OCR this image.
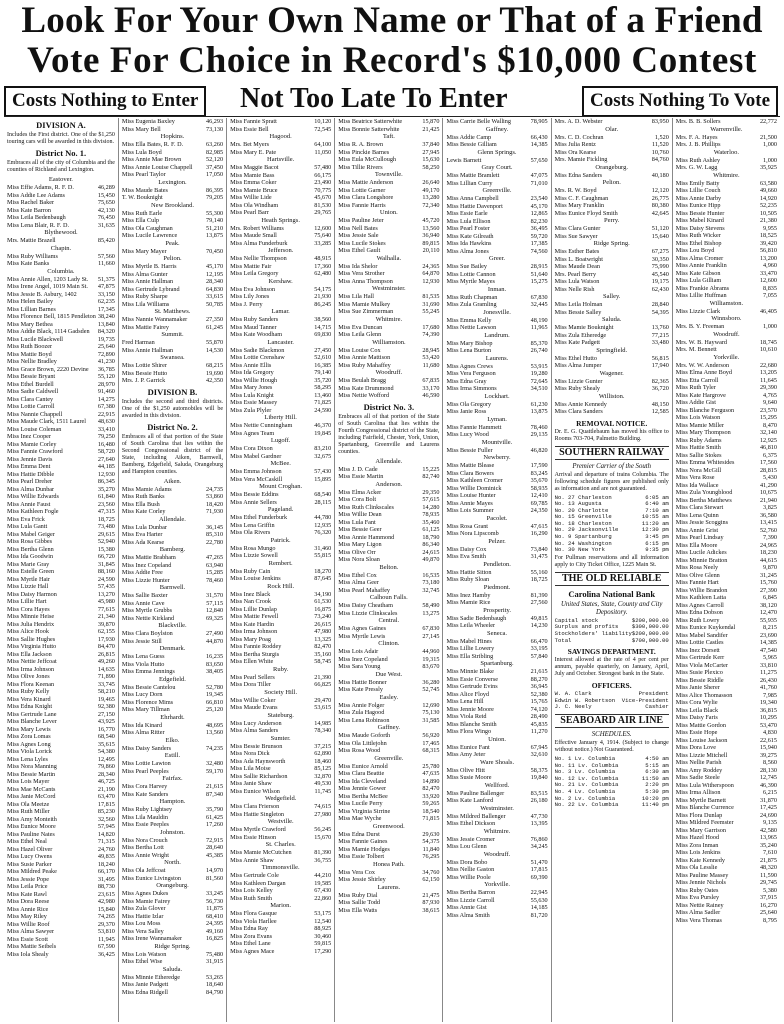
Look For Your Own Name or That of a Friend
Vote For Choice in Record's $10,000 Contest
Costs Nothing to Enter Not Too Late To Enter	Costs Nothing To Vote
DIVISION A.
Includes the First district. One of the $1,250 touring cars will be awarded in this division.
District No. 1.
Embraces all of the city of Columbia and the counties of Richland and Lexington.
Eastover.
Miss Effie Adams, R. F. D.	46,289
Miss Addie Lee Adams	15,450
Miss Rachel Baker	75,650
Miss Kate Barron	42,130
Miss Leila Bedenbaugh	76,450
Miss Lena Blair, R. F. D.	31,635
Blythewood.
Mrs. Mattie Brazell	85,420
Chapin.
Miss Ruby Williams	57,560
Miss Kate Banks	11,660
Columbia.
Miss Annie Allen, 1203 Lady St.	51,375
Miss Irene Angel, 1019 Main St.	47,875
Miss Jessie B. Asbury, 1402	33,150
Miss Helen Bailey	62,235
Miss Lillian Barnes	17,345
Miss Florence Bell, 1815 Pendleton 38,240
Miss Mary Bethea	13,840
Miss Addie Black, 1114 Gadsden	84,320
Miss Lucile Blackwell	19,735
Miss Ruth Boozer	25,640
Miss Mattie Boyd	72,890
Miss Nellie Bradley	41,230
Miss Grace Brown, 2220 Devine	36,785
Miss Bessie Bryant	55,120
Miss Ethel Burdell	28,970
Miss Sadie Caldwell	91,460
Miss Clara Cantey	14,275
Miss Lottie Carroll	67,380
Miss Nannie Chappell	22,915
Miss Maude Clark, 1511 Laurel	48,630
Miss Louise Coleman	33,410
Miss Inez Cooper	79,250
Miss Mamie Corley	16,480
Miss Fannie Crawford	58,720
Miss Jennie Davis	27,640
Miss Emma Dent	44,185
Miss Hattie Dibble	12,930
Miss Pearl Dreher	86,345
Miss Alma Dunbar	35,270
Miss Willie Edwards	61,840
Miss Annie Faust	23,560
Miss Kathleen Fogle	47,315
Miss Eva Frick	18,725
Miss Lula Gantt	73,480
Miss Mabel Geiger	29,615
Miss Rosa Gibbes	52,940
Miss Bertha Glenn	15,380
Miss Ida Goodwin	66,720
Miss Marie Gray	31,845
Miss Estelle Green	88,160
Miss Myrtle Hair	24,590
Miss Lizzie Hall	57,435
Miss Daisy Harmon	13,270
Miss Lillie Hart	45,980
Miss Cora Hayes	77,615
Miss Minnie Heise	21,340
Miss Julia Hendrix	39,870
Miss Alice Hook	62,155
Miss Sallie Hughes	17,930
Miss Virginia Hutto	84,470
Miss Ella Jackson	26,815
Miss Nettie Jeffcoat	49,260
Miss Irma Johnson	14,635
Miss Olive Jones	71,890
Miss Flora Keenan	33,745
Miss Ruby Kelly	58,210
Miss Vera Kinard	19,465
Miss Edna Knight	92,380
Miss Gertrude Lane	27,150
Miss Blanche Lever	43,925
Miss Mary Lewis	16,770
Miss Zora Lomas	68,540
Miss Agnes Long	35,615
Miss Viola Lorick	54,380
Miss Lena Lyles	12,495
Miss Nora Manning	79,860
Miss Bessie Martin	28,340
Miss Lois Mayer	46,725
Miss Mae McCants	21,190
Miss Janie McCord	63,470
Miss Ola Meetze	17,815
Miss Ruth Miller	85,230
Miss Amy Monteith	32,560
Miss Eunice Moore	57,945
Miss Pauline Nates	14,820
Miss Ethel Neal	71,315
Miss Hazel Oliver	24,760
Miss Lucy Owens	49,835
Miss Susie Parker	18,240
Miss Mildred Peake	66,170
Miss Jessie Pope	31,495
Miss Leila Price	88,730
Miss Kate Rawl	23,615
Miss Dora Reese	42,980
Miss Annie Rice	15,840
Miss May Riley	74,265
Miss Willie Roof	29,370
Miss Alma Sawyer	53,810
Miss Essie Scott	11,945
Miss Mattie Seibels	67,590
Miss Iola Shealy	36,425
Miss Eugenia Baxley	46,293
Miss Mary Bell	73,130
Hopkins.
Miss Ella Bates, R. F. D.	63,260
Miss Lula Boyd	82,985
Miss Annie Mae Brown	52,120
Miss Annie Louise Chappell	37,450
Miss Pearl Taylor	17,050
Lexington.
Miss Maude Bates	86,395
T. W. Bouknight	79,205
New Brookland.
Miss Ruth Earle	55,300
Miss Ella Culp	79,140
Miss Ola Caughman	51,210
Miss Lucile Lawrence	13,875
Peak.
Miss Mary Mayer	70,450
Pelion.
Miss Myrtle B. Harris	45,170
Miss Alma Gunter	12,195
Miss Annie Hallman	28,340
Miss Gertrude Lybrand	64,830
Miss Ruby Sharpe	33,615
Miss Lila Williams	50,785
St. Matthews.
Miss Nannie Wannamaker	27,350
Miss Mattie Fairey	61,245
Summit.
Fred Harman	55,870
Miss Annie Hallman	14,530
Swansea.
Miss Lottie Shirer	68,215
Miss Bessie Hutto	19,690
Mrs. J. P. Garrick	42,350
DIVISION B.
Includes the second and third districts. One of the $1,250 automobiles will be awarded in this division.
District No. 2.
Embraces all of that portion of the State of South Carolina that lies within the Second Congressional district of the State, including Aiken, Barnwell, Bamberg, Edgefield, Saluda, Orangeburg and Hampton counties.
Aiken.
Miss Mamie Adams	24,735
Miss Ruth Banks	53,860
Miss Ella Bush	18,420
Miss Kate Corley	71,930
Allendale.
Miss Lula Dunbar	36,145
Miss Eva Harter	85,310
Miss Ada Kearse	22,780
Bamberg.
Miss Mattie Brabham	47,265
Miss Inez Copeland	63,940
Miss Addie Free	15,285
Miss Lizzie Hunter	78,460
Barnwell.
Miss Sallie Baxter	31,570
Miss Annie Cave	57,115
Miss Myrtle Grubbs	12,840
Miss Nettie Kirkland	69,325
Blackville.
Miss Clara Boylston	27,490
Miss Jessie Still	44,870
Denmark.
Miss Lena Guess	16,235
Miss Viola Hutto	83,650
Miss Emma Jennings	38,405
Edgefield.
Miss Bessie Cantelou	52,780
Miss Lucy Dorn	19,345
Miss Florence Mims	66,810
Miss Mary Tillman	25,120
Ehrhardt.
Miss Ida Kinard	48,695
Miss Alma Ritter	13,560
Elko.
Miss Daisy Sanders	74,235
Estill.
Miss Lottie Lawton	32,480
Miss Pearl Peeples	59,170
Fairfax.
Miss Cora Harvey	21,615
Miss Kate Sanders	87,340
Hampton.
Miss Ruby Lightsey	35,790
Miss Lila Mauldin	61,425
Miss Essie Peeples	17,260
Johnston.
Miss Nora Crouch	72,915
Miss Bertha Lott	28,640
Miss Annie Wright	45,385
North.
Miss Ola Jeffcoat	14,970
Miss Eunice Livingston	81,560
Orangeburg.
Miss Agnes Dukes	33,245
Miss Mamie Fairey	56,730
Miss Zula Glover	11,875
Miss Hattie Izlar	68,410
Miss Lou Moss	24,395
Miss Vera Salley	49,160
Miss Irene Wannamaker	16,825
Ridge Spring.
Miss Lois Watson	75,480
Miss Ethel Wise	31,915
Saluda.
Miss Minnie Etheredge	53,265
Miss Janie Padgett	18,640
Miss Edna Ridgell	84,790
Miss Fannie Spratt	10,120
Miss Essie Bell	72,545
Hagood.
Mrs. Bet Myers	64,100
Miss Mary E. Pate	11,050
Hartsville.
Miss Maggie Bacot	57,480
Miss Mamie Bass	66,175
Miss Emma Coker	23,490
Miss Mamie Bruce	70,775
Miss Willie Lide	45,670
Miss Ola Windham	81,530
Miss Pearl Barr	29,765
Heath Springs.
Mrs. Robert Williams	12,600
Miss Maude Small	75,640
Miss Alma Funderburk	33,285
Jefferson.
Miss Nellie Thompson	48,915
Miss Mattie Fair	17,360
Miss Leila Gregory	62,480
Kershaw.
Miss Eva Johnson	54,175
Miss Lily Jones	21,930
Miss J. Perry	86,245
Lamar.
Miss Ruby Sanders	38,560
Miss Maud Tanner	14,715
Miss Kate Woodham	69,830
Lancaster.
Miss Sadie Blackmon	27,450
Miss Lottie Crenshaw	52,610
Miss Annie Ellis	16,385
Miss Ida Gregory	79,140
Miss Willie Hough	35,720
Miss Mary Jones	58,295
Miss Lula Knight	13,460
Miss Essie Massey	71,825
Miss Zula Plyler	24,590
Liberty Hill.
Miss Nettie Cunningham	46,370
Miss Agnes Team	19,845
Lugoff.
Miss Cora Dixon	83,210
Miss Mabel Gardner	32,675
McBee.
Miss Emma Johnson	57,430
Miss Vera McCaskill	15,895
Mount Croghan.
Miss Bessie Eddins	68,540
Miss Annie Sellers	28,115
Pageland.
Miss Ethel Funderburk	44,780
Miss Lena Griffin	12,935
Miss Ola Rivers	76,320
Patrick.
Miss Rosa Mungo	31,460
Miss Lizzie Sowell	55,815
Rembert.
Miss Ruby Cain	18,270
Miss Louise Jenkins	87,645
Rock Hill.
Miss Inez Black	34,190
Miss Nan Crook	61,530
Miss Lillie Dunlap	16,875
Miss Mattie Fewell	73,240
Miss Kate Hardin	26,615
Miss Irma Johnson	47,980
Miss Mary Poag	13,325
Miss Fannie Roddey	82,470
Miss Bertha Sturgis	35,160
Miss Ellen White	58,745
Ruby.
Miss Pearl Sellers	21,390
Miss Dora Tiller	66,825
Society Hill.
Miss Willie Coker	29,470
Miss Maude Evans	53,615
Stateburg.
Miss Lucy Anderson	14,985
Miss Alma Sanders	78,340
Sumter.
Miss Bessie Brunson	37,215
Miss Nora Dick	62,890
Miss Ada Haynsworth	18,460
Miss Lila Moise	85,125
Miss Sallie Richardson	32,870
Miss Janie Shaw	49,530
Miss Eunice Wilson	11,745
Wedgefield.
Miss Clara Frierson	74,615
Miss Hattie Singleton	27,980
Westville.
Miss Myrtle Crawford	56,245
Miss Essie Hinson	15,670
St. Charles.
Miss Mamie McCutchen	81,390
Miss Annie Shaw	36,755
Timmonsville.
Miss Gertrude Cole	44,210
Miss Kathleen Dargan	19,585
Miss Lois Kelley	67,430
Miss Ruth Smith	22,860
Marion.
Miss Flora Gasque	53,175
Miss Viola Harllee	12,540
Miss Edna Ray	88,925
Miss Zora Evans	30,460
Miss Ethel Lane	59,815
Miss Agnes Mace	17,290
Miss Beatrice Satterwhite	15,870
Miss Bonnie Satterwhite	21,425
Taft.
Miss R. A. Brown	37,840
Miss Pinckie Barnes	27,945
Miss Eula McCullough	15,630
Miss Tillie Rivers	58,250
Townville.
Miss Mattie Anderson	26,640
Miss Lottie Garner	49,170
Miss Clara Longshore	13,280
Miss Fannie Harris	72,340
Union.
Miss Pauline Jeter	45,720
Miss Nell Bates	13,560
Miss Jessie Sale	36,940
Miss Lucile Stokes	89,815
Miss Ethel Gault	20,110
Walhalla.
Miss Ida Shelor	24,365
Miss Vera Strother	64,870
Miss Anna Thompson	12,930
Westminster.
Miss Lila Hall	81,535
Miss Mamie Mulkey	31,690
Miss Sue Zimmerman	55,245
Whitmire.
Miss Eva Duncan	17,680
Miss Leila Glenn	74,390
Williamston.
Miss Louise Cox	28,945
Miss Annie Mattison	53,420
Miss Ruby Mahaffey	11,680
Woodruff.
Miss Beulah Bragg	67,835
Miss Kate Drummond	33,170
Miss Nettie Wofford	46,590
District No. 3.
Embraces all of that portion of the State of South Carolina that lies within the Fourth Congressional district of the State, including Fairfield, Chester, York, Union, Spartanburg, Greenville and Laurens counties.
Allendale.
Miss J. D. Cade	15,225
Miss Essie Martin	82,740
Anderson.
Miss Elma Acker	29,350
Miss Cora Bolt	57,615
Miss Ruth Clinkscales	14,280
Miss Willie Dean	78,935
Miss Lula Fant	35,460
Miss Bessie Geer	61,125
Miss Annie Hammond	18,790
Miss Mary Ligon	86,340
Miss Olive Orr	24,615
Miss Nora Sloan	49,870
Belton.
Miss Ethel Cox	16,535
Miss Alma Geer	73,180
Miss Pearl Mahaffey	32,745
Calhoun Falls.
Miss Daisy Cheatham	58,490
Miss Lizzie Clinkscales	13,275
Central.
Miss Agnes Gaines	67,830
Miss Myrtle Lewis	27,145
Clinton.
Miss Lois Adair	44,960
Miss Inez Copeland	19,315
Miss Sara Young	83,670
Due West.
Miss Hattie Bonner	36,280
Miss Kate Pressly	52,745
Easley.
Miss Annie Folger	12,690
Miss Zula Hagood	75,130
Miss Lena Robinson	31,585
Gaffney.
Miss Maude Goforth	56,920
Miss Ola Littlejohn	17,465
Miss Rosa Wood	68,315
Greenville.
Miss Eunice Arnold	25,780
Miss Clara Beattie	47,635
Miss Ida Cleveland	14,890
Miss Jennie Gower	82,470
Miss Bertha McBee	33,920
Miss Lucile Perry	59,265
Miss Virginia Sirrine	18,540
Miss Mae Wyche	71,815
Greenwood.
Miss Edna Durst	29,630
Miss Fannie Gaines	54,375
Miss Mamie Hodges	11,840
Miss Essie Tolbert	76,295
Honea Path.
Miss Vera Cox	34,760
Miss Jessie Shirley	62,150
Laurens.
Miss Ruby Dial	21,475
Miss Sallie Todd	87,930
Miss Ella Watts	38,615
Miss Carrie Belle Walling	78,905
Gaffney.
Miss Addie Camp	66,430
Miss Bessie Gilliam	14,385
Glenn Springs.
Lewis Barnett	57,650
Gray Court.
Miss Mattie Bramlett	47,075
Miss Lillian Curry	71,010
Greenville.
Miss Anna Campbell	23,540
Miss Hattie Davenport	45,170
Miss Essie Earle	12,865
Miss Lula Ellison	82,230
Miss Pearl Foster	36,495
Miss Kate Gilreath	59,720
Miss Ida Hawkins	17,385
Miss Alma Jones	74,560
Greer.
Miss Sue Bailey	28,915
Miss Lottie Cannon	51,640
Miss Myrtle Mayes	15,275
Inman.
Miss Ruth Chapman	67,830
Miss Zula Gramling	32,445
Jonesville.
Miss Emma Kelly	48,190
Miss Nettie Lawson	11,965
Landrum.
Miss Mary Bishop	85,370
Miss Lena Burton	26,740
Laurens.
Miss Agnes Crews	53,915
Miss Vera Ferguson	19,280
Miss Edna Gray	72,645
Miss Irma Simmons	34,510
Lockhart.
Miss Ola Gregory	61,230
Miss Janie Ross	13,875
Lyman.
Miss Fannie Hammett	78,460
Miss Lucy Wood	29,135
Mountville.
Miss Bessie Fuller	46,820
Newberry.
Miss Mattie Blease	17,590
Miss Clara Bowers	83,245
Miss Kathleen Cromer	35,670
Miss Willie Dominick	58,935
Miss Louise Hunter	12,410
Miss Annie Mayes	69,785
Miss Lois Summer	24,350
Pacolet.
Miss Rosa Grant	47,615
Miss Nora Lipscomb	16,290
Pelzer.
Miss Daisy Cox	73,840
Miss Eva Smith	31,475
Pendleton.
Miss Hattie Sitton	55,160
Miss Ruby Sloan	18,725
Piedmont.
Miss Inez Hamby	81,390
Miss Mamie Rice	27,560
Prosperity.
Miss Sadie Bedenbaugh	49,815
Miss Leila Wheeler	14,230
Seneca.
Miss Mabel Hines	66,470
Miss Lillie Lowery	33,195
Miss Ella Stribling	57,840
Spartanburg.
Miss Minnie Blake	21,615
Miss Essie Converse	88,270
Miss Gertrude Evins	36,945
Miss Alice Floyd	52,380
Miss Lena Hill	15,765
Miss Jennie Moore	74,120
Miss Viola Reid	28,490
Miss Blanche Smith	45,835
Miss Flora Wingo	11,270
Union.
Miss Eunice Fant	67,945
Miss Amy Jeter	32,610
Ware Shoals.
Miss Olive Hitt	58,375
Miss Susie Moore	19,840
Wellford.
Miss Pauline Ballenger	83,515
Miss Kate Lanford	26,180
Westminster.
Miss Mildred Ballenger	47,730
Miss Ethel Dickson	13,395
Whitmire.
Miss Jessie Cromer	76,860
Miss Lou Glenn	34,245
Woodruff.
Miss Dora Bobo	51,470
Miss Nellie Gaston	17,815
Miss Willie Poole	69,390
Yorkville.
Miss Bertha Barron	22,945
Miss Lizzie Carroll	55,630
Miss Annie Gist	14,185
Miss Alma Smith	81,720
Mrs. A. D. Webster	83,950
Olar.
Mrs. C. D. Cochran	1,520
Miss Julia Rentz	11,520
Miss Ora Kearse	10,760
Mrs. Mamie Fickling	84,760
Orangeburg.
Miss Edna Sanders	40,180
Pelion.
Mrs. R. W. Boyd	12,120
Miss C. F. Caughman	26,775
Miss Mary Franklin	80,380
Miss Eunice Floyd Smith	42,645
Perry.
Miss Clara Gunter	51,120
Miss Sue Sawyer	15,640
Ridge Spring.
Miss Esther Bates	67,275
Miss L. Boatwright	30,350
Miss Maude Dean	75,990
Mrs. Pearl Berry	45,540
Miss Lula Watson	19,175
Miss Nelle Rish	62,430
Salley.
Miss Leila Holman	28,840
Miss Bessie Salley	54,395
Saluda.
Miss Mamie Bouknight	13,760
Miss Zula Etheredge	77,215
Miss Kate Padgett	33,480
Springfield.
Miss Ethel Hutto	56,815
Miss Alma Jumper	17,940
Wagener.
Miss Lizzie Gunter	82,365
Miss Ruby Shealy	36,720
Williston.
Miss Annie Kennedy	48,150
Miss Clara Sanders	12,585
REMOVAL NOTICE.
Dr. E. G. Quattlebaum has moved his office to Rooms 703-704, Palmetto Building.
SOUTHERN RAILWAY
Premier Carrier of the South
Arrival and departure of trains Columbia. The following schedule figures are published only as information and are not guaranteed.
No. 27 Charleston	6:05 am
No. 13 Augusta	6:40 am
No. 20 Charlotte	7:10 am
No. 15 Greenville	10:55 am
No. 18 Charleston	11:20 am
No. 29 Jacksonville	12:30 pm
No. 9 Spartanburg	3:45 pm
No. 24 Washington	6:15 pm
No. 30 New York	9:35 pm
For Pullman reservations and all information apply to City Ticket Office, 1225 Main St.
THE OLD RELIABLE
Carolina National Bank
United States, State, County and City Depository.
Capital stock	$200,000.00
Surplus and profits $300,000.00
Stockholders' liability $200,000.00
Total	$700,000.00
SAVINGS DEPARTMENT.
Interest allowed at the rate of 4 per cent per annum, payable quarterly, on January, April, July and October. Strongest bank in the State.
OFFICERS.
W. A. Clark	President
Edwin W. Robertson Vice-President
J. C. Neely	Cashier
SEABOARD AIR LINE
SCHEDULES.
Effective January 4, 1914. (Subject to change without notice.) Not Guaranteed.
No. 1 Lv. Columbia	4:50 am
No. 11 Lv. Columbia	5:15 am
No. 3 Lv. Columbia	6:30 am
No. 12 Lv. Columbia	11:50 am
No. 21 Lv. Columbia	2:20 pm
No. 4 Lv. Columbia	5:30 pm
No. 2 Lv. Columbia	10:20 pm
No. 22 Lv. Columbia	11:40 pm
Mrs. B. B. Sollers	22,772
Warrenville.
Mrs. F. A. Hayes	21,500
Mrs. J. B. Phillips	1,000
Waterloo.
Miss Ruth Ashley	1,000
Mrs. G. W. Lagg	35,925
Whitmire.
Miss Emily Batty	63,580
Miss Lillie Couch	49,660
Miss Annie Darby	14,920
Miss Eunice Hipp	52,235
Miss Bessie Hunter	10,505
Miss Mabel Kinard	21,380
Miss Daisy Stevens	9,955
Miss Ruth Wicker	18,525
Miss Ethel Bishop	39,420
Miss Lou Boyd	56,810
Miss Alma Cromer	13,200
Miss Annie Franklin	4,960
Miss Kate Gibson	33,470
Miss Lula Gilliam	12,600
Miss Frankie Abrams	8,835
Miss Lillie Huffman	7,055
Williamston.
Miss Lizzie Clark	46,405
Winnsboro.
Mrs. B. Y. Freeman	1,000
Woodruff.
Mrs. W. B. Hayward	18,745
Mrs. M. Bennett	10,610
Yorkville.
Mrs. W. W. Anderson	22,680
Miss Elma Anne Boyd	13,205
Miss Etta Carroll	11,645
Miss Ruth Tyler	29,390
Miss Kate Hargrove	4,765
Miss Addie Gist	9,640
Miss Blanche Ferguson	23,570
Miss Lois Watson	15,295
Miss Mamie Miller	8,470
Miss Mary Thompson	32,140
Miss Ruby Adams	12,925
Miss Hattie Smith	46,810
Miss Sallie Stokes	6,375
Miss Emma Whitesides	17,560
Miss Nora McGill	28,815
Miss Vera Rose	5,430
Miss Ida Wallace	41,290
Miss Zula Youngblood	10,675
Miss Bertha Matthews	21,940
Miss Clara Stewart	3,825
Miss Lena Quinn	36,580
Miss Jessie Scoggins	13,415
Miss Annie Grist	52,760
Miss Pearl Lindsay	7,390
Miss Ella Moore	24,965
Miss Lucile Adickes	18,230
Miss Minnie Bratton	44,615
Miss Rosa Neely	9,870
Miss Olive Glenn	31,245
Miss Fannie Hart	15,760
Miss Willie Brandon	27,390
Miss Kathleen Latta	6,845
Miss Agnes Carroll	38,120
Miss Edna Dobson	12,470
Miss Ruth Lowry	55,935
Miss Eunice Kuykendal	8,215
Miss Mabel Sandifer	23,690
Miss Lottie Castles	14,385
Miss Inez Dorsett	47,540
Miss Gertrude Kerr	5,965
Miss Viola McCarter	33,810
Miss Susie Plexico	11,275
Miss Bessie Riddle	26,430
Miss Janie Sherer	41,760
Miss Alice Thomasson	7,985
Miss Cora Wylie	19,340
Miss Leila Black	36,815
Miss Daisy Faris	10,295
Miss Mattie Gordon	53,470
Miss Essie Hope	4,830
Miss Louise Jackson	22,615
Miss Dora Love	15,940
Miss Lizzie Mitchell	39,275
Miss Nellie Parish	8,560
Miss Amy Roddey	28,130
Miss Sadie Steele	12,745
Miss Lula Witherspoon	46,390
Miss Irma Allison	6,215
Miss Myrtle Barnett	31,870
Miss Blanche Currence	17,425
Miss Flora Dunlap	24,690
Miss Mildred Feemster	9,135
Miss Mary Garrison	42,580
Miss Hazel Hood	13,965
Miss Zora Inman	35,240
Miss Lois Jenkins	7,610
Miss Kate Kennedy	21,875
Miss Ola Lesslie	48,320
Miss Pauline Massey	11,590
Miss Jennie Nichols	29,745
Miss Ruby Oates	5,380
Miss Eva Pursley	37,915
Miss Nettie Rainey	16,270
Miss Alma Sadler	25,640
Miss Vera Thomas	8,795
